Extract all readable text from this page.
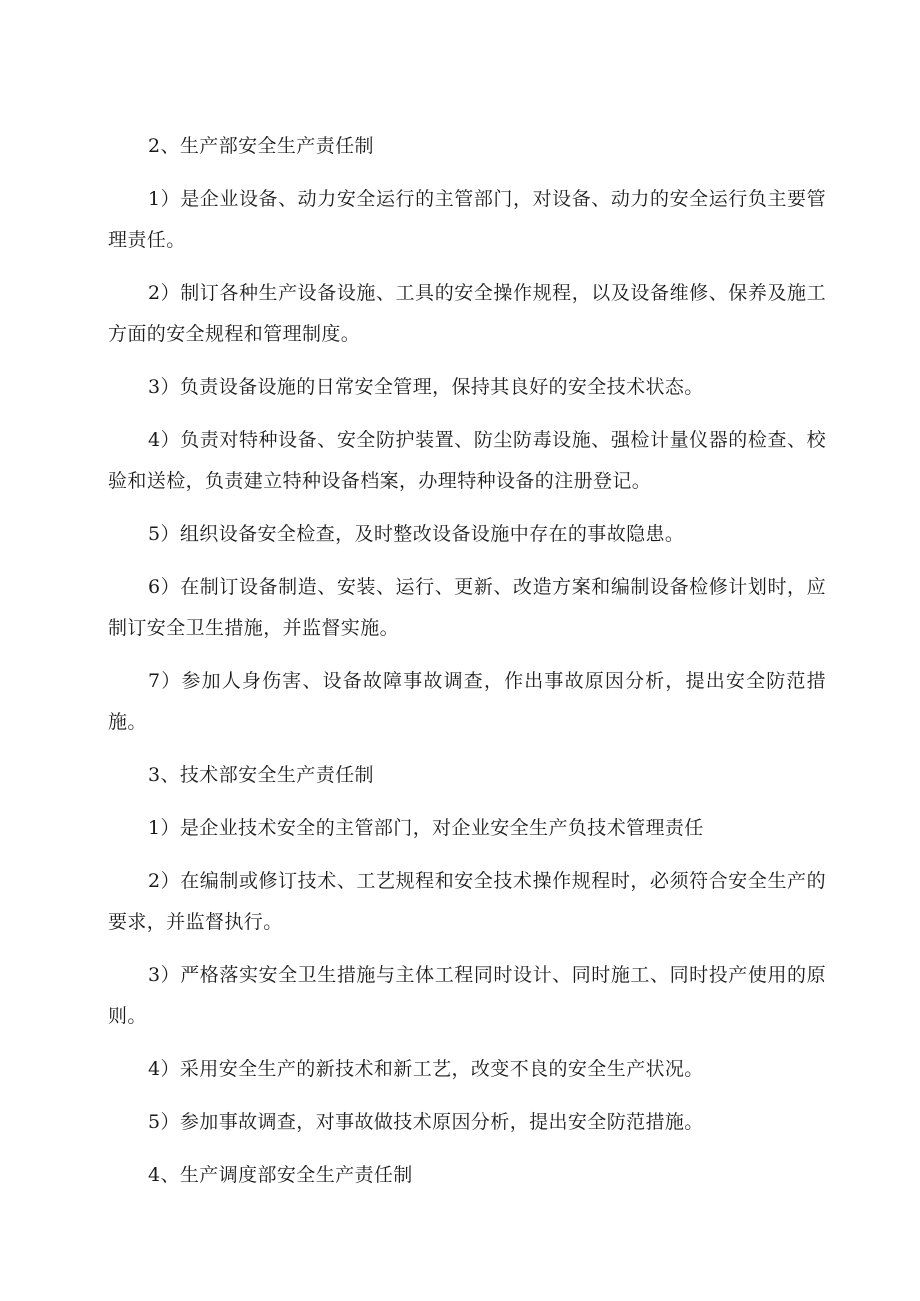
2、生产部安全生产责任制

1）是企业设备、动力安全运行的主管部门，对设备、动力的安全运行负主要管理责任。

2）制订各种生产设备设施、工具的安全操作规程，以及设备维修、保养及施工方面的安全规程和管理制度。

3）负责设备设施的日常安全管理，保持其良好的安全技术状态。

4）负责对特种设备、安全防护装置、防尘防毒设施、强检计量仪器的检查、校验和送检，负责建立特种设备档案，办理特种设备的注册登记。

5）组织设备安全检查，及时整改设备设施中存在的事故隐患。

6）在制订设备制造、安装、运行、更新、改造方案和编制设备检修计划时，应制订安全卫生措施，并监督实施。

7）参加人身伤害、设备故障事故调查，作出事故原因分析，提出安全防范措施。

3、技术部安全生产责任制

1）是企业技术安全的主管部门，对企业安全生产负技术管理责任

2）在编制或修订技术、工艺规程和安全技术操作规程时，必须符合安全生产的要求，并监督执行。

3）严格落实安全卫生措施与主体工程同时设计、同时施工、同时投产使用的原则。

4）采用安全生产的新技术和新工艺，改变不良的安全生产状况。

5）参加事故调查，对事故做技术原因分析，提出安全防范措施。

4、生产调度部安全生产责任制
